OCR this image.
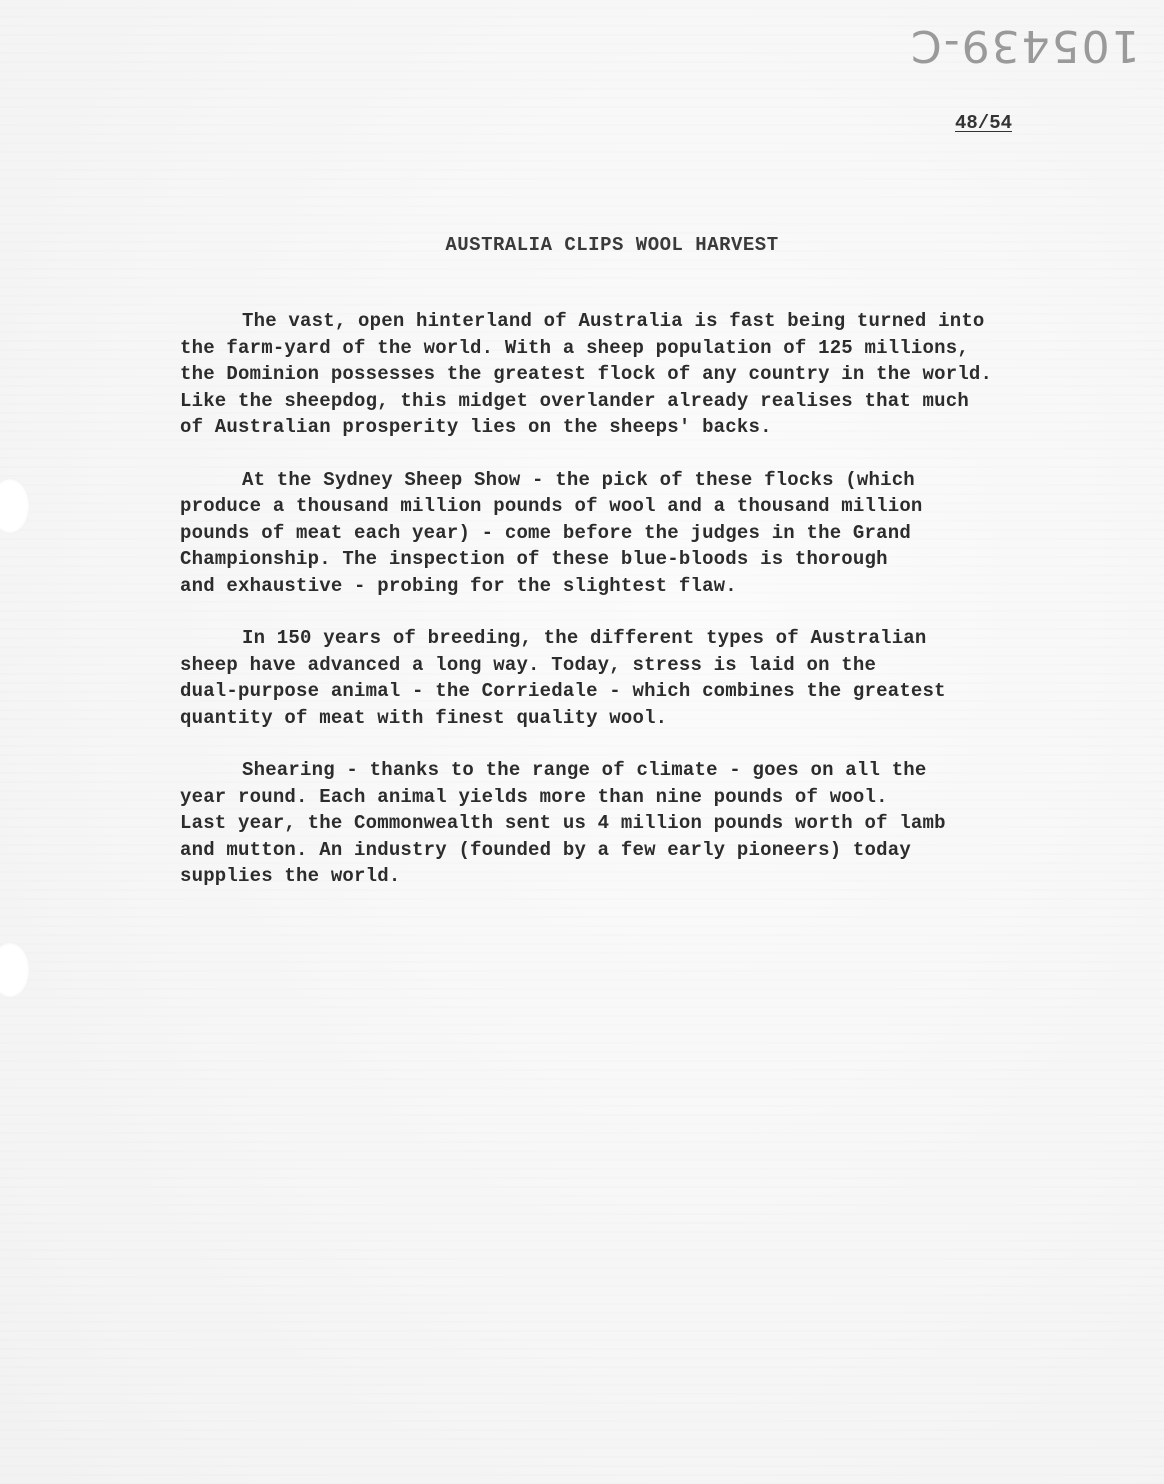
105439-C
48/54
AUSTRALIA CLIPS WOOL HARVEST

The vast, open hinterland of Australia is fast being turned into
the farm-yard of the world. With a sheep population of 125 millions,
the Dominion possesses the greatest flock of any country in the world.
Like the sheepdog, this midget overlander already realises that much
of Australian prosperity lies on the sheeps' backs.

At the Sydney Sheep Show - the pick of these flocks (which
produce a thousand million pounds of wool and a thousand million
pounds of meat each year) - come before the judges in the Grand
Championship. The inspection of these blue-bloods is thorough
and exhaustive - probing for the slightest flaw.

In 150 years of breeding, the different types of Australian
sheep have advanced a long way. Today, stress is laid on the
dual-purpose animal - the Corriedale - which combines the greatest
quantity of meat with finest quality wool.

Shearing - thanks to the range of climate - goes on all the
year round. Each animal yields more than nine pounds of wool.
Last year, the Commonwealth sent us 4 million pounds worth of lamb
and mutton. An industry (founded by a few early pioneers) today
supplies the world.
